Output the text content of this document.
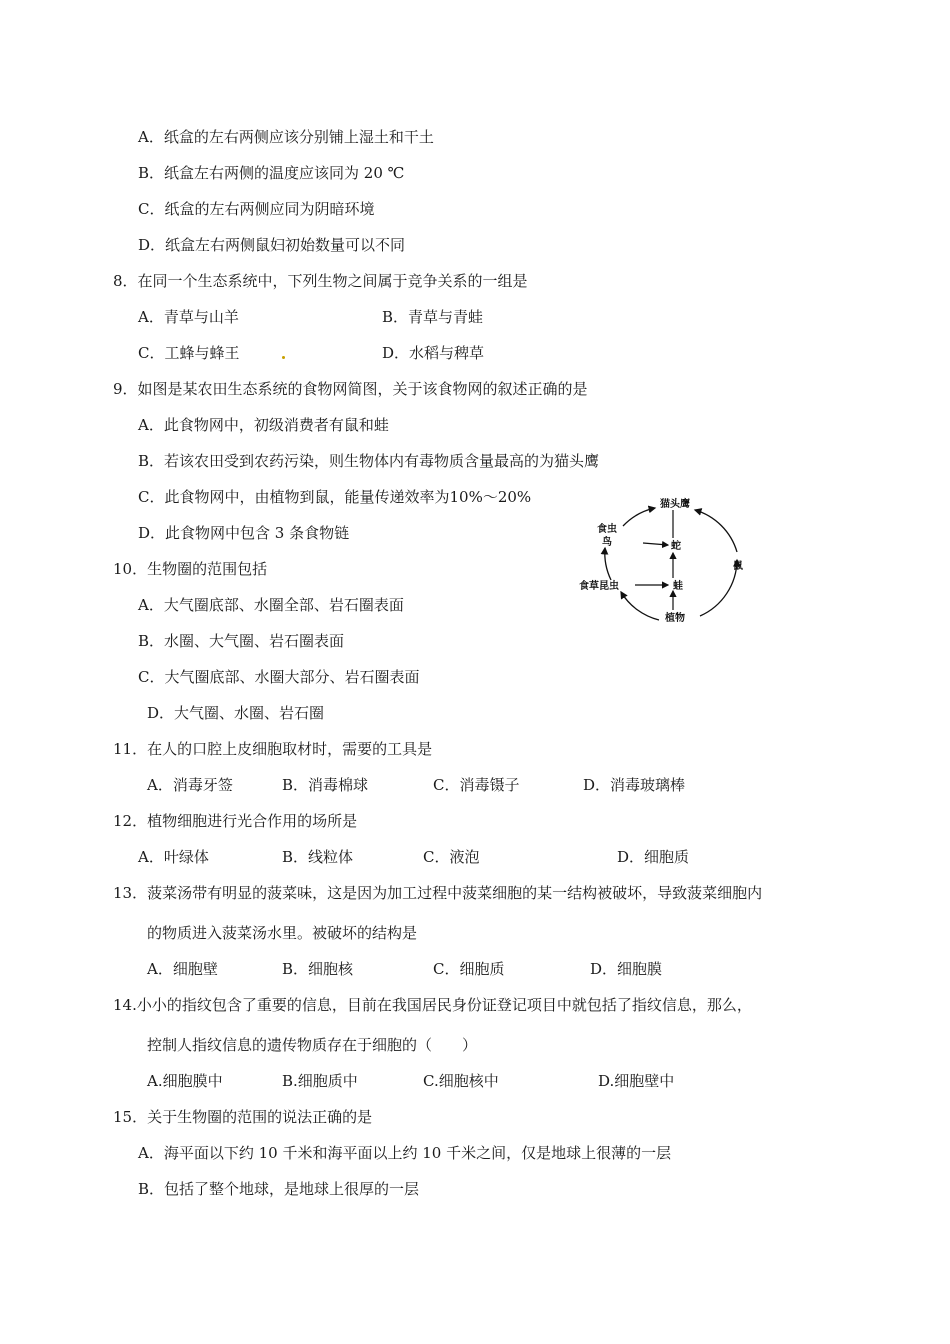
A．纸盒的左右两侧应该分别铺上湿土和干土
B．纸盒左右两侧的温度应该同为 20 ℃
C．纸盒的左右两侧应同为阴暗环境
D．纸盒左右两侧鼠妇初始数量可以不同
8．在同一个生态系统中，下列生物之间属于竞争关系的一组是
A．青草与山羊	B．青草与青蛙
C．工蜂与蜂王	D．水稻与稗草
9．如图是某农田生态系统的食物网简图，关于该食物网的叙述正确的是
A．此食物网中，初级消费者有鼠和蛙
B．若该农田受到农药污染，则生物体内有毒物质含量最高的为猫头鹰
C．此食物网中，由植物到鼠，能量传递效率为10%～20%
D．此食物网中包含 3 条食物链
猫头鹰
食虫
鸟	蛇
鼠
食草昆虫	蛙
植物
10．生物圈的范围包括
A．大气圈底部、水圈全部、岩石圈表面
B．水圈、大气圈、岩石圈表面
C．大气圈底部、水圈大部分、岩石圈表面
D．大气圈、水圈、岩石圈
11．在人的口腔上皮细胞取材时，需要的工具是
A．消毒牙签	B．消毒棉球	C．消毒镊子	D．消毒玻璃棒
12．植物细胞进行光合作用的场所是
A．叶绿体	B．线粒体	C．液泡	D．细胞质
13．菠菜汤带有明显的菠菜味，这是因为加工过程中菠菜细胞的某一结构被破坏，导致菠菜细胞内
的物质进入菠菜汤水里。被破坏的结构是
A．细胞壁	B．细胞核	C．细胞质	D．细胞膜
14.小小的指纹包含了重要的信息，目前在我国居民身份证登记项目中就包括了指纹信息，那么，
控制人指纹信息的遗传物质存在于细胞的（　　）
A.细胞膜中	B.细胞质中	C.细胞核中	D.细胞壁中
15．关于生物圈的范围的说法正确的是
A．海平面以下约 10 千米和海平面以上约 10 千米之间，仅是地球上很薄的一层
B．包括了整个地球，是地球上很厚的一层
